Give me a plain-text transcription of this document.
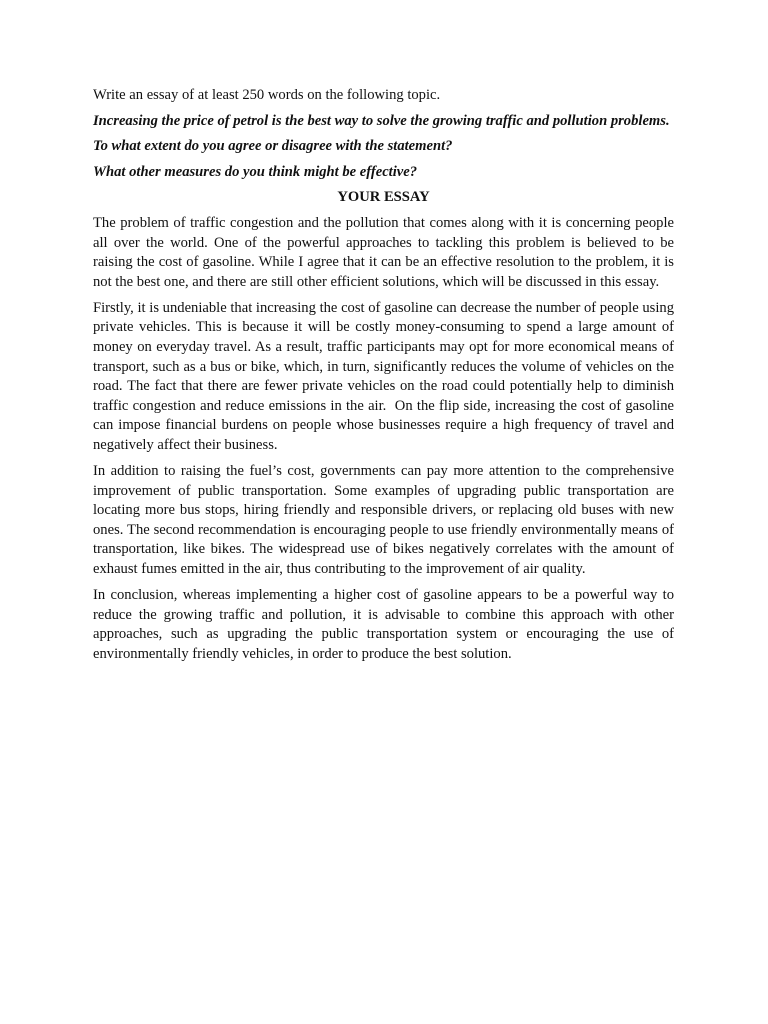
Write an essay of at least 250 words on the following topic.

Increasing the price of petrol is the best way to solve the growing traffic and pollution problems.

To what extent do you agree or disagree with the statement?

What other measures do you think might be effective?

YOUR ESSAY

The problem of traffic congestion and the pollution that comes along with it is concerning people  all over the world. One of the powerful approaches to tackling this problem is believed to be raising the cost of gasoline. While I agree that it can be an effective resolution to the problem, it is not the best one, and there are still other efficient solutions, which will be discussed in this essay.

Firstly, it is undeniable that increasing the cost of gasoline can decrease the number of people using private vehicles. This is because it will be costly money-consuming to spend a large amount of money on everyday travel. As a result, traffic participants may opt for more economical means of transport, such as a bus or bike, which, in turn, significantly reduces the volume of vehicles on the road. The fact that there are fewer private vehicles on the road could potentially help to diminish traffic congestion and reduce emissions in the air.  On the flip side, increasing the cost of gasoline can impose financial burdens on people whose businesses require a high frequency of travel and negatively affect their business.

In addition to raising the fuel’s cost, governments can pay more attention to the comprehensive improvement of public transportation. Some examples of upgrading public transportation are locating more bus stops, hiring friendly and responsible drivers, or replacing old buses with new ones. The second recommendation is encouraging people to use friendly environmentally means of transportation, like bikes. The widespread use of bikes negatively correlates with the amount of exhaust fumes emitted in the air, thus contributing to the improvement of air quality.

In conclusion, whereas implementing a higher cost of gasoline appears to be a powerful way to reduce the growing traffic and pollution, it is advisable to combine this approach with other approaches, such as upgrading the public transportation system or encouraging the use of environmentally friendly vehicles, in order to produce the best solution.
